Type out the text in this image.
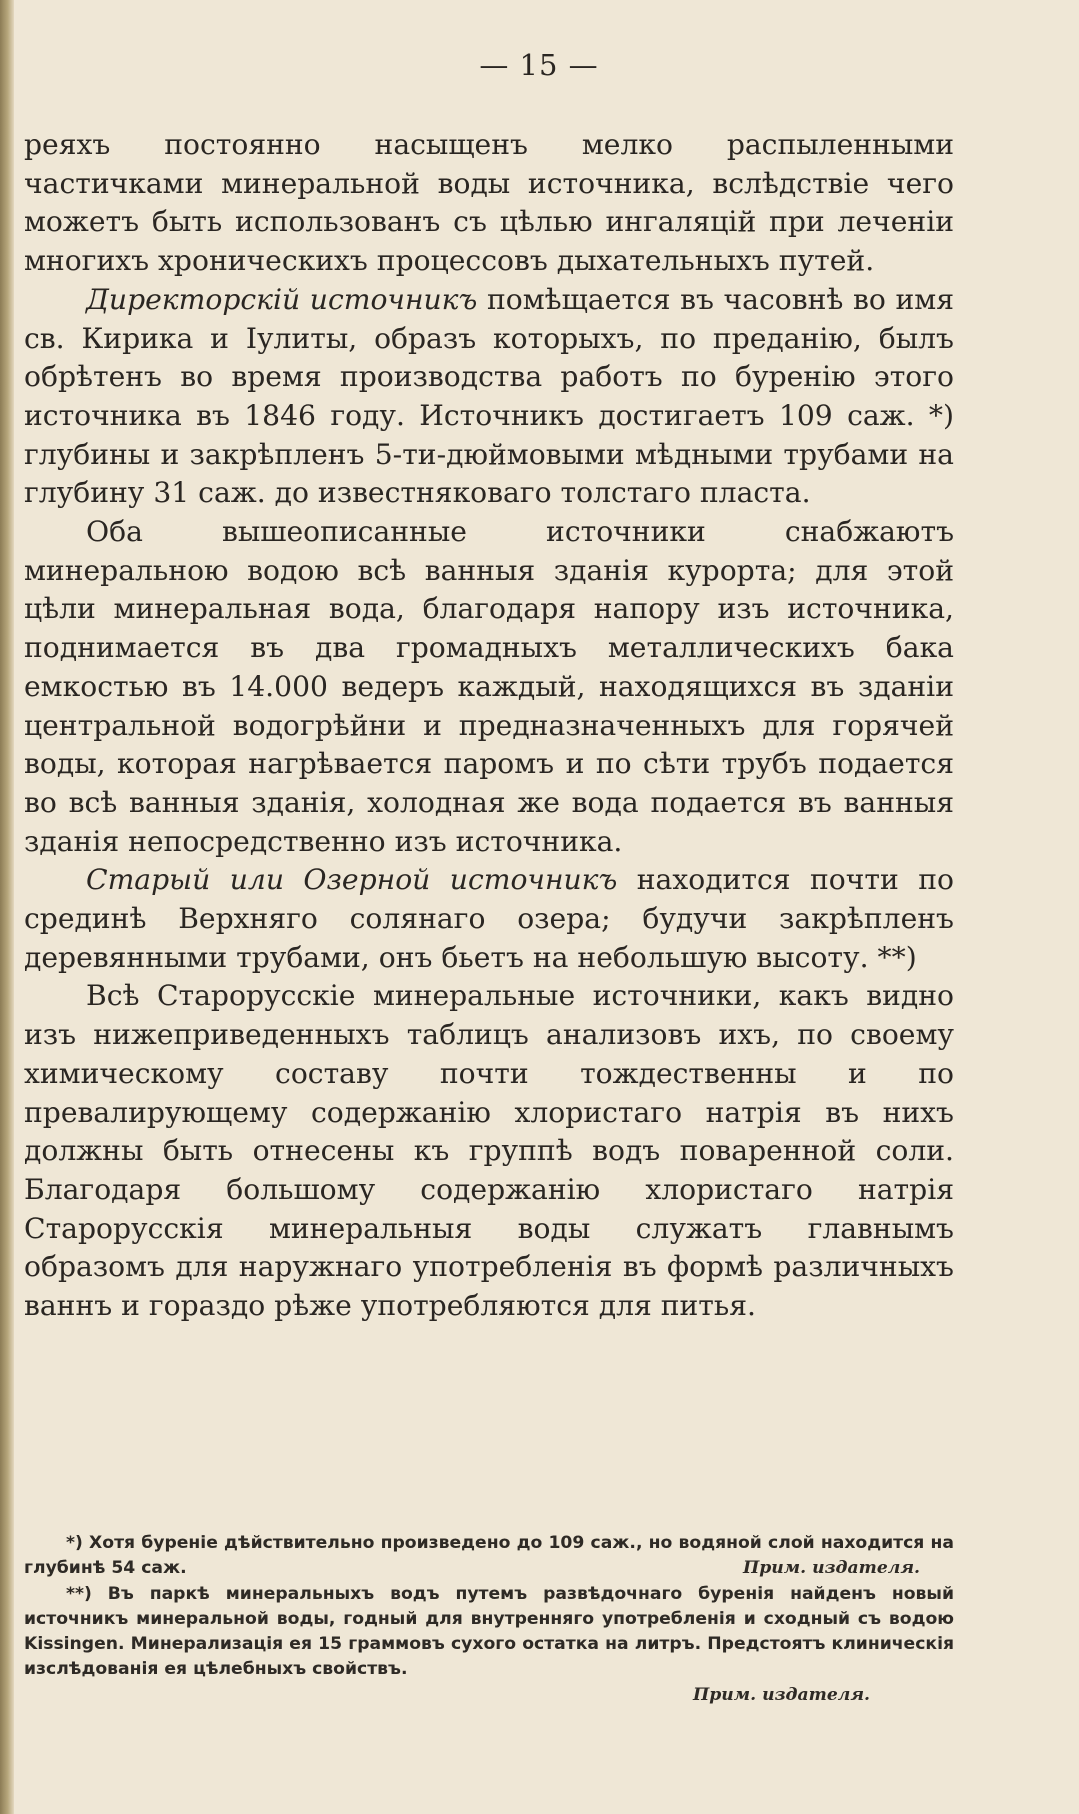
— 15 —

реяхъ постоянно насыщенъ мелко распыленными частичками минеральной воды источника, вслѣдствіе чего можетъ быть использованъ съ цѣлью ингаляцій при леченіи многихъ хроническихъ процессовъ дыхательныхъ путей.

Директорскій источникъ помѣщается въ часовнѣ во имя св. Кирика и Іулиты, образъ которыхъ, по преданію, былъ обрѣтенъ во время производства работъ по буренію этого источника въ 1846 году. Источникъ достигаетъ 109 саж. *) глубины и закрѣпленъ 5-ти-дюймовыми мѣдными трубами на глубину 31 саж. до известняковаго толстаго пласта.

Оба вышеописанные источники снабжаютъ минеральною водою всѣ ванныя зданія курорта; для этой цѣли минеральная вода, благодаря напору изъ источника, поднимается въ два громадныхъ металлическихъ бака емкостью въ 14.000 ведеръ каждый, находящихся въ зданіи центральной водогрѣйни и предназначенныхъ для горячей воды, которая нагрѣвается паромъ и по сѣти трубъ подается во всѣ ванныя зданія, холодная же вода подается въ ванныя зданія непосредственно изъ источника.

Старый или Озерной источникъ находится почти по срединѣ Верхняго солянаго озера; будучи закрѣпленъ деревянными трубами, онъ бьетъ на небольшую высоту. **)

Всѣ Старорусскіе минеральные источники, какъ видно изъ нижеприведенныхъ таблицъ анализовъ ихъ, по своему химическому составу почти тождественны и по превалирующему содержанію хлористаго натрія въ нихъ должны быть отнесены къ группѣ водъ поваренной соли. Благодаря большому содержанію хлористаго натрія Старорусскія минеральныя воды служатъ главнымъ образомъ для наружнаго употребленія въ формѣ различныхъ ваннъ и гораздо рѣже употребляются для питья.

*) Хотя буреніе дѣйствительно произведено до 109 саж., но водяной слой находится на глубинѣ 54 саж.	Прим. издателя.

**) Въ паркѣ минеральныхъ водъ путемъ развѣдочнаго буренія найденъ новый источникъ минеральной воды, годный для внутренняго употребленія и сходный съ водою Kissingen. Минерализація ея 15 граммовъ сухого остатка на литръ. Предстоятъ клиническія изслѣдованія ея цѣлебныхъ свойствъ.

Прим. издателя.
